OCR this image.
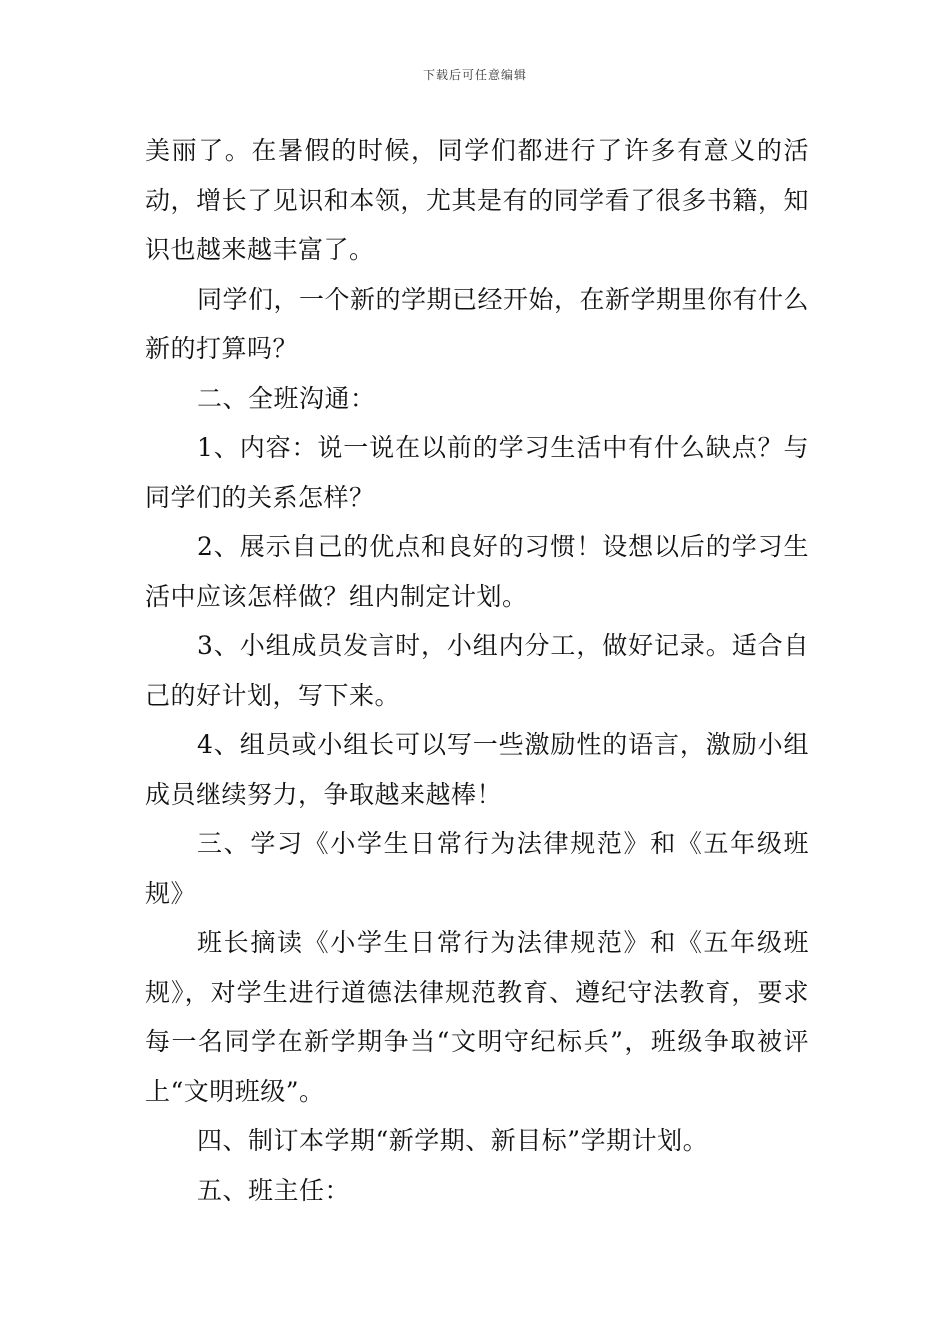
下载后可任意编辑

美丽了。在暑假的时候，同学们都进行了许多有意义的活动，增长了见识和本领，尤其是有的同学看了很多书籍，知识也越来越丰富了。

同学们，一个新的学期已经开始，在新学期里你有什么新的打算吗？

二、全班沟通：

1、内容：说一说在以前的学习生活中有什么缺点？与同学们的关系怎样？

2、展示自己的优点和良好的习惯！设想以后的学习生活中应该怎样做？组内制定计划。

3、小组成员发言时，小组内分工，做好记录。适合自己的好计划，写下来。

4、组员或小组长可以写一些激励性的语言，激励小组成员继续努力，争取越来越棒！

三、学习《小学生日常行为法律规范》和《五年级班规》

班长摘读《小学生日常行为法律规范》和《五年级班规》，对学生进行道德法律规范教育、遵纪守法教育，要求每一名同学在新学期争当“文明守纪标兵”，班级争取被评上“文明班级”。

四、制订本学期“新学期、新目标”学期计划。

五、班主任：
